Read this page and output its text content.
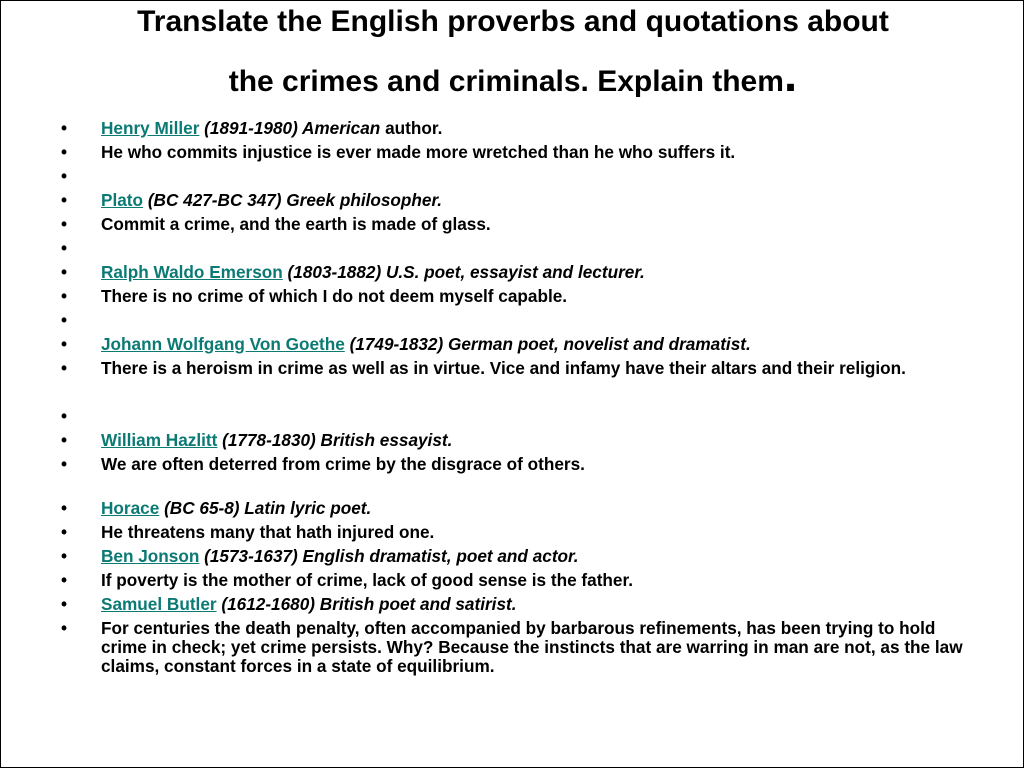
Translate the English proverbs and quotations about
the crimes and criminals. Explain them.
• Henry Miller (1891-1980) American author.
• He who commits injustice is ever made more wretched than he who suffers it.
•
• Plato (BC 427-BC 347) Greek philosopher.
• Commit a crime, and the earth is made of glass.
•
• Ralph Waldo Emerson (1803-1882) U.S. poet, essayist and lecturer.
• There is no crime of which I do not deem myself capable.
•
• Johann Wolfgang Von Goethe (1749-1832) German poet, novelist and dramatist.
• There is a heroism in crime as well as in virtue. Vice and infamy have their altars and their religion.
•
• William Hazlitt (1778-1830) British essayist.
• We are often deterred from crime by the disgrace of others.
• Horace (BC 65-8) Latin lyric poet.
• He threatens many that hath injured one.
• Ben Jonson (1573-1637) English dramatist, poet and actor.
• If poverty is the mother of crime, lack of good sense is the father.
• Samuel Butler (1612-1680) British poet and satirist.
• For centuries the death penalty, often accompanied by barbarous refinements, has been trying to hold crime in check; yet crime persists. Why? Because the instincts that are warring in man are not, as the law claims, constant forces in a state of equilibrium.
